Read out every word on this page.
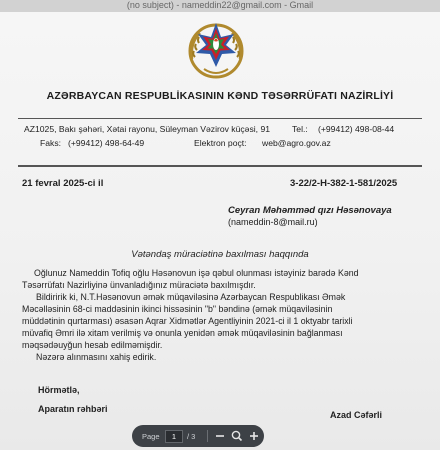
(no subject) - nameddin22@gmail.com - Gmail
AZƏRBAYCAN RESPUBLİKASININ KƏND TƏSƏRRÜFATI NAZİRLİYİ
AZ1025, Bakı şəhəri, Xətai rayonu, Süleyman Vəzirov küçəsi, 91	Tel.: (+99412) 498-08-44
Faks: (+99412) 498-64-49	Elektron poçt: web@agro.gov.az
21 fevral 2025-ci il	3-22/2-H-382-1-581/2025
Ceyran Məhəmməd qızı Həsənovaya
(nameddin-8@mail.ru)
Vətəndaş müraciətinə baxılması haqqında
Oğlunuz Nameddin Tofiq oğlu Həsənovun işə qəbul olunması istəyiniz barədə Kənd
Təsərrüfatı Nazirliyinə ünvanladığınız müraciətə baxılmışdır.
Bildiririk ki, N.T.Həsənovun əmək müqaviləsinə Azərbaycan Respublikası Əmək
Məcəlləsinin 68-ci maddəsinin ikinci hissəsinin "b" bəndinə (əmək müqaviləsinin
müddətinin qurtarması) əsasən Aqrar Xidmətlər Agentliyinin 2021-ci il 1 oktyabr tarixli
müvafiq Əmri ilə xitam verilmiş və onunla yenidən əmək müqaviləsinin bağlanması
məqsədəuyğun hesab edilməmişdir.
Nəzərə alınmasını xahiş edirik.
Hörmətlə,
Aparatın rəhbəri
Azad Cəfərli
Page
1	/ 3
